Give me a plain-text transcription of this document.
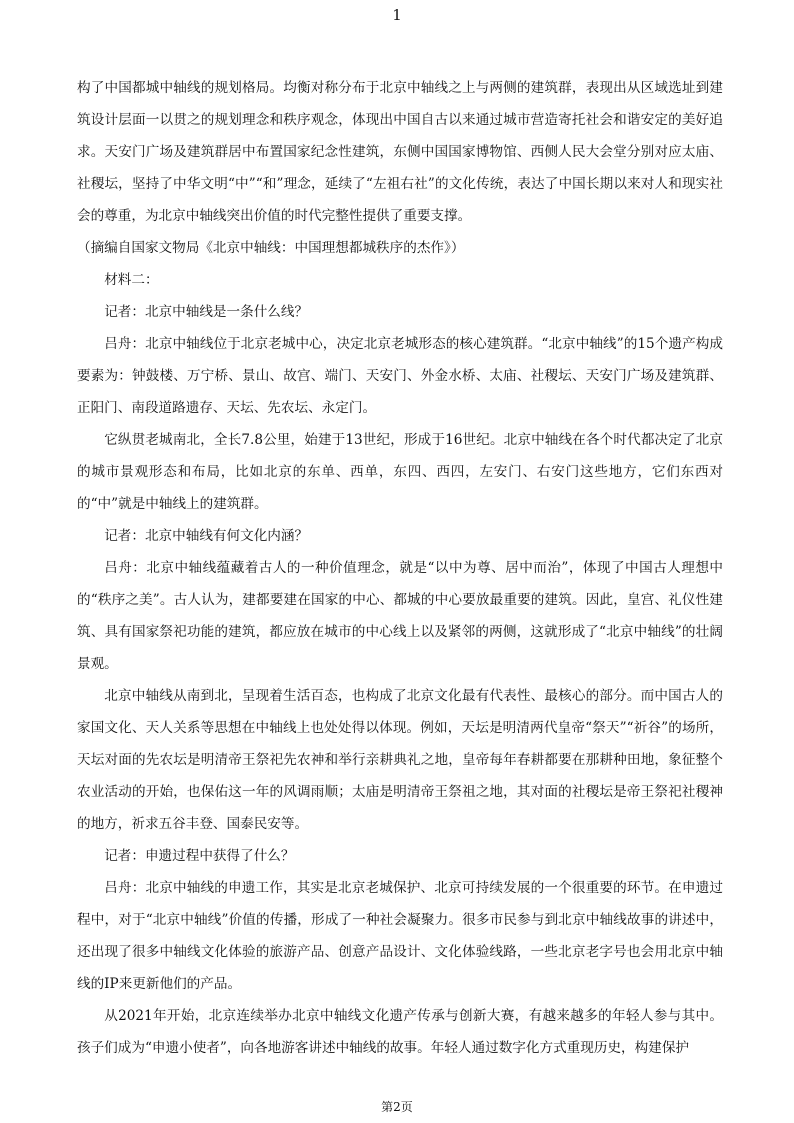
1

构了中国都城中轴线的规划格局。均衡对称分布于北京中轴线之上与两侧的建筑群，表现出从区域选址到建筑设计层面一以贯之的规划理念和秩序观念，体现出中国自古以来通过城市营造寄托社会和谐安定的美好追求。天安门广场及建筑群居中布置国家纪念性建筑，东侧中国国家博物馆、西侧人民大会堂分别对应太庙、社稷坛，坚持了中华文明“中”“和”理念，延续了“左祖右社”的文化传统，表达了中国长期以来对人和现实社会的尊重，为北京中轴线突出价值的时代完整性提供了重要支撑。

（摘编自国家文物局《北京中轴线：中国理想都城秩序的杰作》）

材料二：

记者：北京中轴线是一条什么线？

吕舟：北京中轴线位于北京老城中心，决定北京老城形态的核心建筑群。“北京中轴线”的15个遗产构成要素为：钟鼓楼、万宁桥、景山、故宫、端门、天安门、外金水桥、太庙、社稷坛、天安门广场及建筑群、正阳门、南段道路遗存、天坛、先农坛、永定门。

它纵贯老城南北，全长7.8公里，始建于13世纪，形成于16世纪。北京中轴线在各个时代都决定了北京的城市景观形态和布局，比如北京的东单、西单，东四、西四，左安门、右安门这些地方，它们东西对的“中”就是中轴线上的建筑群。

记者：北京中轴线有何文化内涵？

吕舟：北京中轴线蕴藏着古人的一种价值理念，就是“以中为尊、居中而治”，体现了中国古人理想中的“秩序之美”。古人认为，建都要建在国家的中心、都城的中心要放最重要的建筑。因此，皇宫、礼仪性建筑、具有国家祭祀功能的建筑，都应放在城市的中心线上以及紧邻的两侧，这就形成了“北京中轴线”的壮阔景观。

北京中轴线从南到北，呈现着生活百态，也构成了北京文化最有代表性、最核心的部分。而中国古人的家国文化、天人关系等思想在中轴线上也处处得以体现。例如，天坛是明清两代皇帝“祭天”“祈谷”的场所，天坛对面的先农坛是明清帝王祭祀先农神和举行亲耕典礼之地，皇帝每年春耕都要在那耕种田地，象征整个农业活动的开始，也保佑这一年的风调雨顺；太庙是明清帝王祭祖之地，其对面的社稷坛是帝王祭祀社稷神的地方，祈求五谷丰登、国泰民安等。

记者：申遗过程中获得了什么？

吕舟：北京中轴线的申遗工作，其实是北京老城保护、北京可持续发展的一个很重要的环节。在申遗过程中，对于“北京中轴线”价值的传播，形成了一种社会凝聚力。很多市民参与到北京中轴线故事的讲述中，还出现了很多中轴线文化体验的旅游产品、创意产品设计、文化体验线路，一些北京老字号也会用北京中轴线的IP来更新他们的产品。

从2021年开始，北京连续举办北京中轴线文化遗产传承与创新大赛，有越来越多的年轻人参与其中。孩子们成为“申遗小使者”，向各地游客讲述中轴线的故事。年轻人通过数字化方式重现历史，构建保护

第2页
